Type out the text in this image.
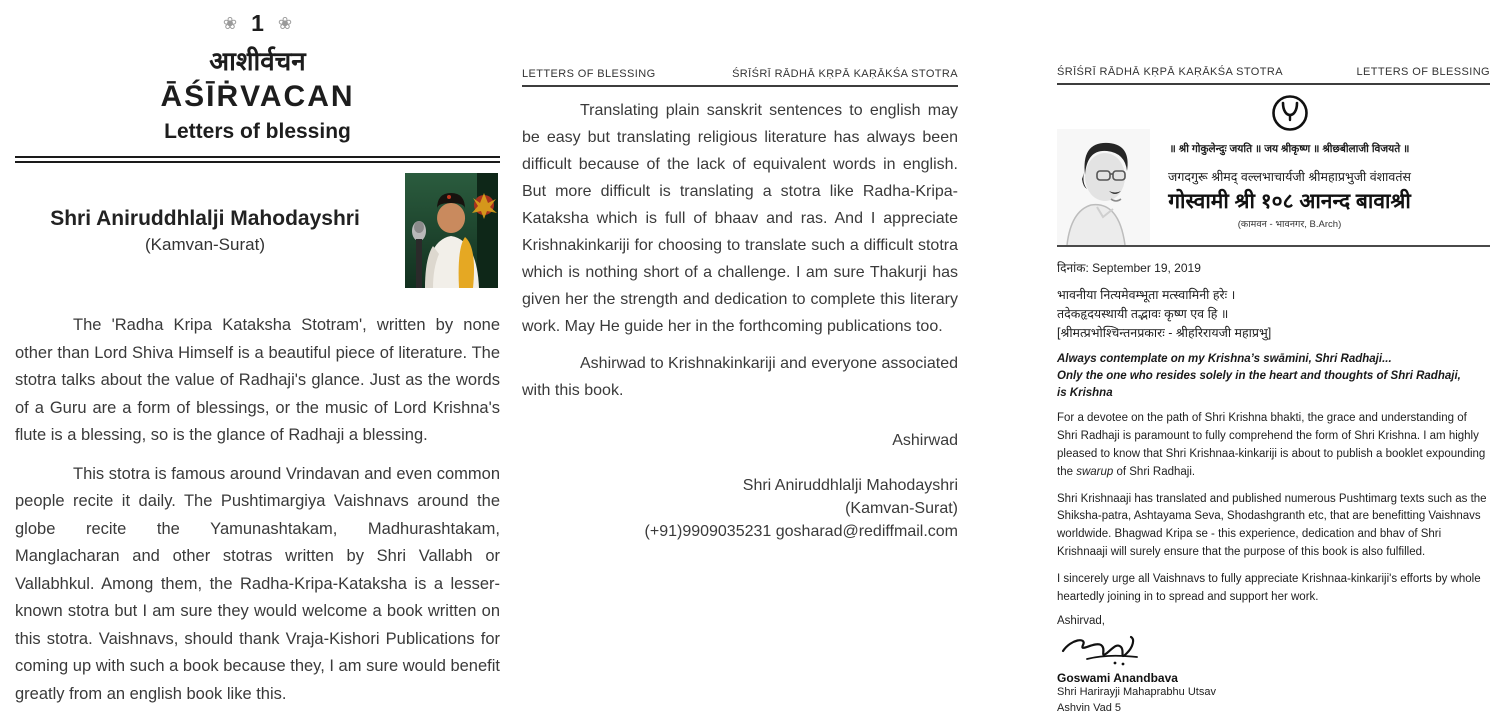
❀ 1 ❀
आशीर्वचन
ĀŚĪṘVACAN
Letters of blessing
Shri Aniruddhlalji Mahodayshri
(Kamvan-Surat)
The 'Radha Kripa Kataksha Stotram', written by none other than Lord Shiva Himself is a beautiful piece of literature. The stotra talks about the value of Radhaji's glance. Just as the words of a Guru are a form of blessings, or the music of Lord Krishna's flute is a blessing, so is the glance of Radhaji a blessing.
This stotra is famous around Vrindavan and even common people recite it daily. The Pushtimargiya Vaishnavs around the globe recite the Yamunashtakam, Madhurashtakam, Manglacharan and other stotras written by Shri Vallabh or Vallabhkul. Among them, the Radha-Kripa-Kataksha is a lesser-known stotra but I am sure they would welcome a book written on this stotra. Vaishnavs, should thank Vraja-Kishori Publications for coming up with such a book because they, I am sure would benefit greatly from an english book like this.
LETTERS OF BLESSING	ŚRĪŚRĪ RĀDHĀ KṚPĀ KAṚĀKŚA STOTRA
Translating plain sanskrit sentences to english may be easy but translating religious literature has always been difficult because of the lack of equivalent words in english. But more difficult is translating a stotra like Radha-Kripa-Kataksha which is full of bhaav and ras. And I appreciate Krishnakinkariji for choosing to translate such a difficult stotra which is nothing short of a challenge. I am sure Thakurji has given her the strength and dedication to complete this literary work. May He guide her in the forthcoming publications too.
Ashirwad to Krishnakinkariji and everyone associated with this book.
Ashirwad
Shri Aniruddhlalji Mahodayshri
(Kamvan-Surat)
(+91)9909035231 gosharad@rediffmail.com
ŚRĪŚRĪ RĀDHĀ KṚPĀ KAṚĀKŚA STOTRA	LETTERS OF BLESSING
॥ श्री गोकुलेन्दुः जयति ॥ जय श्रीकृष्ण ॥ श्रीछबीलाजी विजयते ॥
जगदगुरू श्रीमद् वल्लभाचार्यजी श्रीमहाप्रभुजी वंशावतंस
गोस्वामी श्री १०८ आनन्द बावाश्री
(कामवन - भावनगर, B.Arch)
दिनांक: September 19, 2019
भावनीया नित्यमेवम्भूता मत्स्वामिनी हरेः ।
तदेकहृदयस्थायी तद्भावः कृष्ण एव हि ॥
[श्रीमत्प्रभोश्चिन्तनप्रकारः - श्रीहरिरायजी महाप्रभु]
Always contemplate on my Krishna’s swāmini, Shri Radhaji...
Only the one who resides solely in the heart and thoughts of Shri Radhaji,
is Krishna
For a devotee on the path of Shri Krishna bhakti, the grace and understanding of Shri Radhaji is paramount to fully comprehend the form of Shri Krishna. I am highly pleased to know that Shri Krishnaa-kinkariji is about to publish a booklet expounding the swarup of Shri Radhaji.
Shri Krishnaaji has translated and published numerous Pushtimarg texts such as the Shiksha-patra, Ashtayama Seva, Shodashgranth etc, that are benefitting Vaishnavs worldwide. Bhagwad Kripa se - this experience, dedication and bhav of Shri Krishnaaji will surely ensure that the purpose of this book is also fulfilled.
I sincerely urge all Vaishnavs to fully appreciate Krishnaa-kinkariji's efforts by whole heartedly joining in to spread and support her work.
Ashirvad,
Goswami Anandbava
Shri Harirayji Mahaprabhu Utsav
Ashvin Vad 5
